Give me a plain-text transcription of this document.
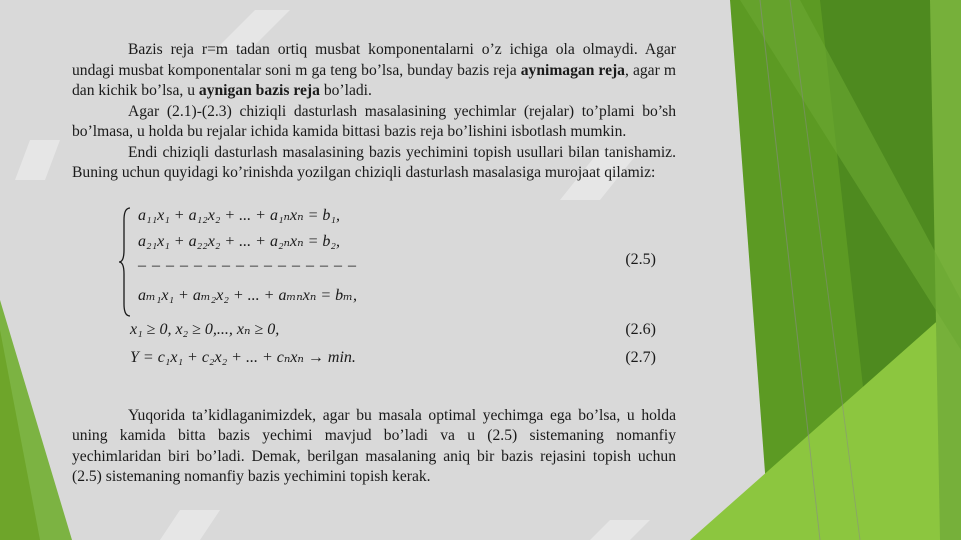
Bazis reja r=m tadan ortiq musbat komponentalarni o’z ichiga ola olmaydi. Agar undagi musbat komponentalar soni m ga teng bo’lsa, bunday bazis reja aynimagan reja, agar m dan kichik bo’lsa, u aynigan bazis reja bo’ladi.

Agar (2.1)-(2.3) chiziqli dasturlash masalasining yechimlar (rejalar) to’plami bo’sh bo’lmasa, u holda bu rejalar ichida kamida bittasi bazis reja bo’lishini isbotlash mumkin.

Endi chiziqli dasturlash masalasining bazis yechimini topish usullari bilan tanishamiz. Buning uchun quyidagi ko’rinishda yozilgan chiziqli dasturlash masalasiga murojaat qilamiz:

a₁₁x₁ + a₁₂x₂ + ... + a₁ₙxₙ = b₁,
a₂₁x₁ + a₂₂x₂ + ... + a₂ₙxₙ = b₂,
– – – – – – – – – – – – – – – –
aₘ₁x₁ + aₘ₂x₂ + ... + aₘₙxₙ = bₘ,
(2.5)
x₁ ≥ 0, x₂ ≥ 0,..., xₙ ≥ 0,	(2.6)
Y = c₁x₁ + c₂x₂ + ... + cₙxₙ → min.	(2.7)

Yuqorida ta’kidlaganimizdek, agar bu masala optimal yechimga ega bo’lsa, u holda uning kamida bitta bazis yechimi mavjud bo’ladi va u (2.5) sistemaning nomanfiy yechimlaridan biri bo’ladi. Demak, berilgan masalaning aniq bir bazis rejasini topish uchun (2.5) sistemaning nomanfiy bazis yechimini topish kerak.
